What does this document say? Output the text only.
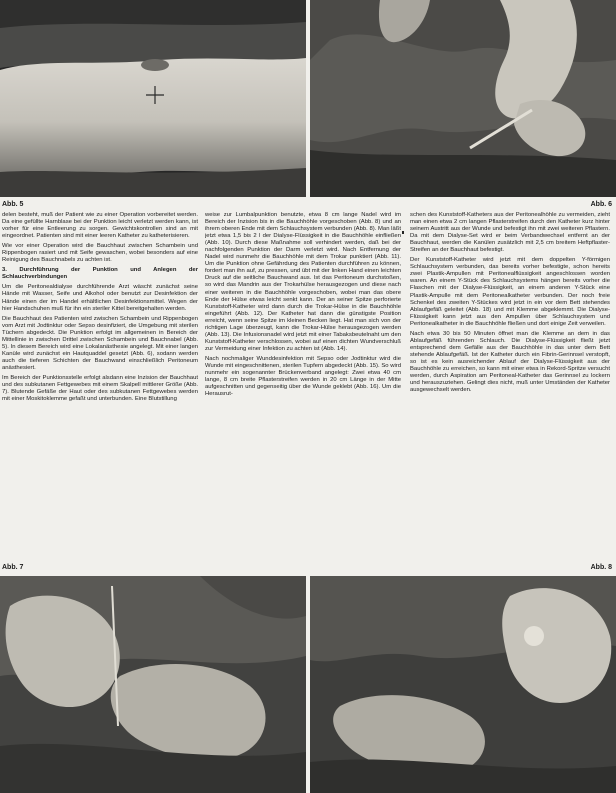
Abb. 5	Abb. 6

delen besteht, muß der Patient wie zu einer Operation vorbereitet werden. Da eine gefüllte Harnblase bei der Punktion leicht verletzt werden kann, ist vorher für eine Entleerung zu sorgen. Gewichtskontrollen sind an mit eingeordnet. Patienten sind mit einer leeren Katheter zu katheterisieren.

Wie vor einer Operation wird die Bauchhaut zwischen Schambein und Rippenbogen rasiert und mit Seife gewaschen, wobei besonders auf eine Reinigung des Bauchnabels zu achten ist.

3. Durchführung der Punktion und Anlegen der Schlauchverbindungen

Um die Peritonealdialyse durchführende Arzt wäscht zunächst seine Hände mit Wasser, Seife und Alkohol oder benutzt zur Desinfektion der Hände einen der im Handel erhältlichen Desinfektionsmittel. Wegen der hier Handschuhen muß für ihn ein steriler Kittel bereitgehalten werden.

Die Bauchhaut des Patienten wird zwischen Schambein und Rippenbogen vom Arzt mit Jodtinktur oder Sepso desinfiziert, die Umgebung mit sterilen Tüchern abgedeckt. Die Punktion erfolgt im allgemeinen in Bereich der Mittellinie in zwischen Drittel zwischen Schambein und Bauchnabel (Abb. 5). In diesem Bereich wird eine Lokalanästhesie angelegt. Mit einer langen Kanüle wird zunächst ein Hautquaddel gesetzt (Abb. 6), sodann werden auch die tieferen Schichten der Bauchwand einschließlich Peritoneum anästhesiert.

Im Bereich der Punktionsstelle erfolgt alsdann eine Inzision der Bauchhaut und des subkutanen Fettgewebes mit einem Skalpell mittlerer Größe (Abb. 7). Blutende Gefäße der Haut oder des subkutanen Fettgewebes werden mit einer Moskitoklemme gefaßt und unterbunden. Eine Blutstillung

weise zur Lumbalpunktion benutzte, etwa 8 cm lange Nadel wird im Bereich der Inzision bis in die Bauchhöhle vorgeschoben (Abb. 8) und an ihrem oberen Ende mit dem Schlauchsystem verbunden (Abb. 8). Man läßt jetzt etwa 1,5 bis 2 l der Dialyse-Flüssigkeit in die Bauchhöhle einfließen (Abb. 10). Durch diese Maßnahme soll verhindert werden, daß bei der nachfolgenden Punktion der Darm verletzt wird. Nach Entfernung der Nadel wird nunmehr die Bauchhöhle mit dem Trokar punktiert (Abb. 11). Um die Punktion ohne Gefährdung des Patienten durchführen zu können, fordert man ihn auf, zu pressen, und übt mit der linken Hand einen leichten Druck auf die seitliche Bauchwand aus. Ist das Peritoneum durchstoßen, so wird das Mandrin aus der Trokarhülse herausgezogen und diese nach einer weiteren in die Bauchhöhle vorgeschoben, wobei man das obere Ende der Hülse etwas leicht senkt kann. Der an seiner Spitze perforierte Kunststoff-Katheter wird dann durch die Trokar-Hülse in die Bauchhöhle eingeführt (Abb. 12). Der Katheter hat dann die günstigste Position erreicht, wenn seine Spitze im kleinen Becken liegt. Hat man sich von der richtigen Lage überzeugt, kann die Trokar-Hülse herausgezogen werden (Abb. 13). Die Infusionsnadel wird jetzt mit einer Tabaksbeutelnaht um den Kunststoff-Katheter verschlossen, wobei auf einen dichten Wundverschluß zur Vermeidung einer Infektion zu achten ist (Abb. 14).

Nach nochmaliger Wunddesinfektion mit Sepso oder Jodtinktur wird die Wunde mit eingeschnittenen, sterilen Tupfern abgedeckt (Abb. 15). So wird nunmehr ein sogenannter Brückenverband angelegt: Zwei etwa 40 cm lange, 8 cm breite Pflasterstreifen werden in 20 cm Länge in der Mitte aufgeschnitten und gegenseitig über die Wunde geklebt (Abb. 16). Um die Herausrut-

schen des Kunststoff-Katheters aus der Peritonealhöhle zu vermeiden, zieht man einen etwa 2 cm langen Pflasterstreifen durch den Katheter kurz hinter seinem Austritt aus der Wunde und befestigt ihn mit zwei weiteren Pflastern. Da mit dem Dialyse-Set wird er beim Verbandwechsel entfernt an der Bauchhaut, werden die Kanülen zusätzlich mit 2,5 cm breitem Heftpflaster-Streifen an der Bauchhaut befestigt.

Der Kunststoff-Katheter wird jetzt mit dem doppelten Y-förmigen Schlauchsystem verbunden, das bereits vorher befestigte, schon hereits zwei Plastik-Ampullen mit Peritonealflüssigkeit angeschlossen worden waren. An einem Y-Stück des Schlauchsystems hängen bereits vorher die Flaschen mit der Dialyse-Flüssigkeit, an einem anderen Y-Stück eine Plastik-Ampulle mit dem Peritonealkatheter verbunden. Der noch freie Schenkel des zweiten Y-Stückes wird jetzt in ein vor dem Bett stehendes Ablaufgefäß geleitet (Abb. 18) und mit Klemme abgeklemmt. Die Dialyse-Flüssigkeit kann jetzt aus den Ampullen über Schlauchsystem und Peritonealkatheter in die Bauchhöhle fließen und dort einige Zeit verweilen.

Nach etwa 30 bis 50 Minuten öffnet man die Klemme an dem in das Ablaufgefäß führenden Schlauch. Die Dialyse-Flüssigkeit fließt jetzt entsprechend dem Gefälle aus der Bauchhöhle in das unter dem Bett stehende Ablaufgefäß. Ist der Katheter durch ein Fibrin-Gerinnsel verstopft, so ist es kein ausreichender Ablauf der Dialyse-Flüssigkeit aus der Bauchhöhle zu erreichen, so kann mit einer etwa in Rekord-Spritze versucht werden, durch Aspiration am Peritoneal-Katheter das Gerinnsel zu lockern und herauszuziehen. Gelingt dies nicht, muß unter Umständen der Katheter ausgewechselt werden.

Abb. 7	Abb. 8
